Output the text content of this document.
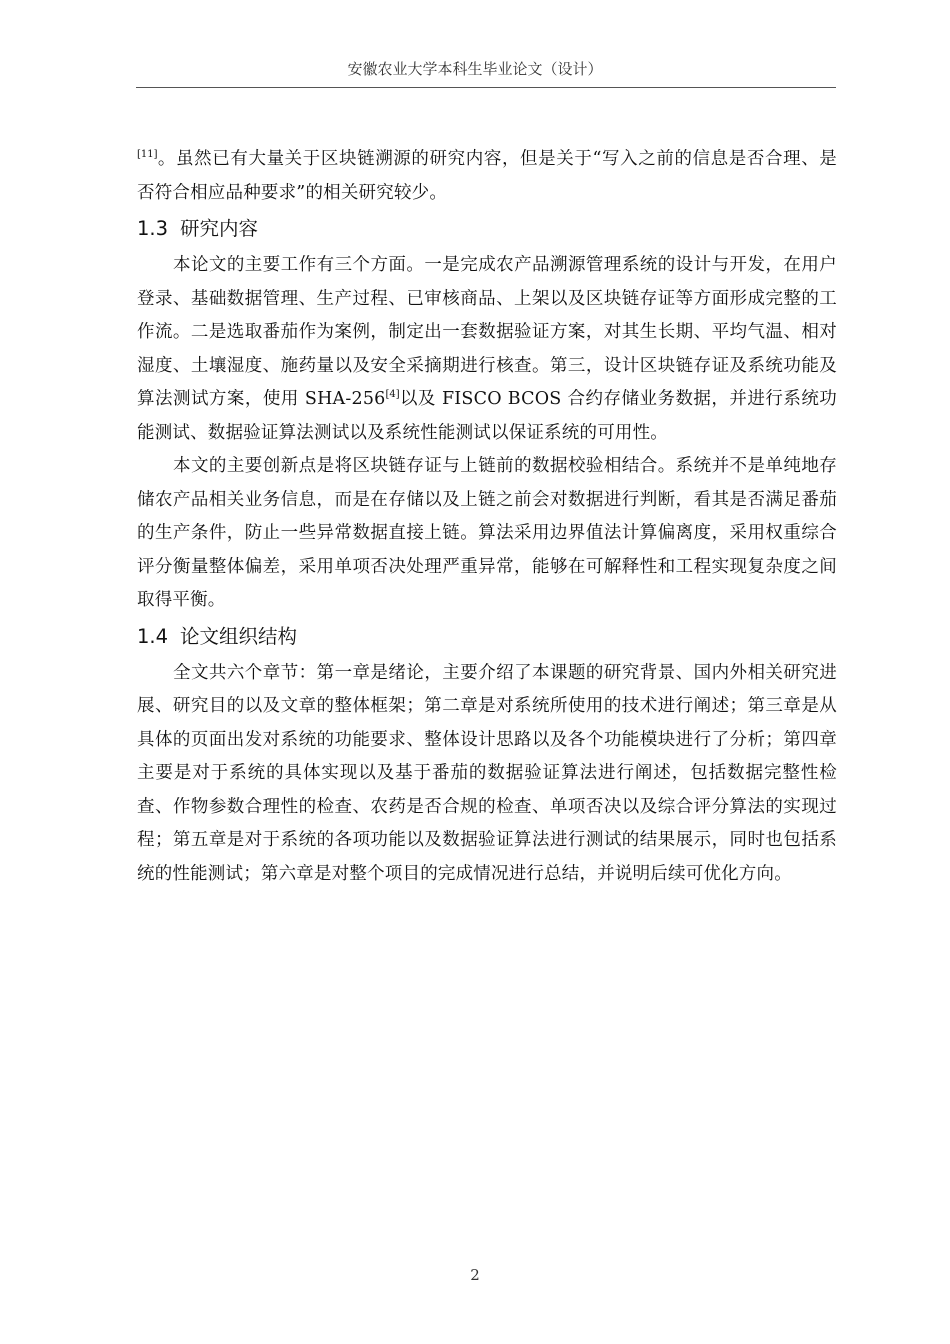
安徽农业大学本科生毕业论文（设计）

[11]。虽然已有大量关于区块链溯源的研究内容，但是关于“写入之前的信息是否合理、是否符合相应品种要求”的相关研究较少。

1.3 研究内容

本论文的主要工作有三个方面。一是完成农产品溯源管理系统的设计与开发，在用户登录、基础数据管理、生产过程、已审核商品、上架以及区块链存证等方面形成完整的工作流。二是选取番茄作为案例，制定出一套数据验证方案，对其生长期、平均气温、相对湿度、土壤湿度、施药量以及安全采摘期进行核查。第三，设计区块链存证及系统功能及算法测试方案，使用 SHA-256[4]以及 FISCO BCOS 合约存储业务数据，并进行系统功能测试、数据验证算法测试以及系统性能测试以保证系统的可用性。

本文的主要创新点是将区块链存证与上链前的数据校验相结合。系统并不是单纯地存储农产品相关业务信息，而是在存储以及上链之前会对数据进行判断，看其是否满足番茄的生产条件，防止一些异常数据直接上链。算法采用边界值法计算偏离度，采用权重综合评分衡量整体偏差，采用单项否决处理严重异常，能够在可解释性和工程实现复杂度之间取得平衡。

1.4 论文组织结构

全文共六个章节：第一章是绪论，主要介绍了本课题的研究背景、国内外相关研究进展、研究目的以及文章的整体框架；第二章是对系统所使用的技术进行阐述；第三章是从具体的页面出发对系统的功能要求、整体设计思路以及各个功能模块进行了分析；第四章主要是对于系统的具体实现以及基于番茄的数据验证算法进行阐述，包括数据完整性检查、作物参数合理性的检查、农药是否合规的检查、单项否决以及综合评分算法的实现过程；第五章是对于系统的各项功能以及数据验证算法进行测试的结果展示，同时也包括系统的性能测试；第六章是对整个项目的完成情况进行总结，并说明后续可优化方向。

2
